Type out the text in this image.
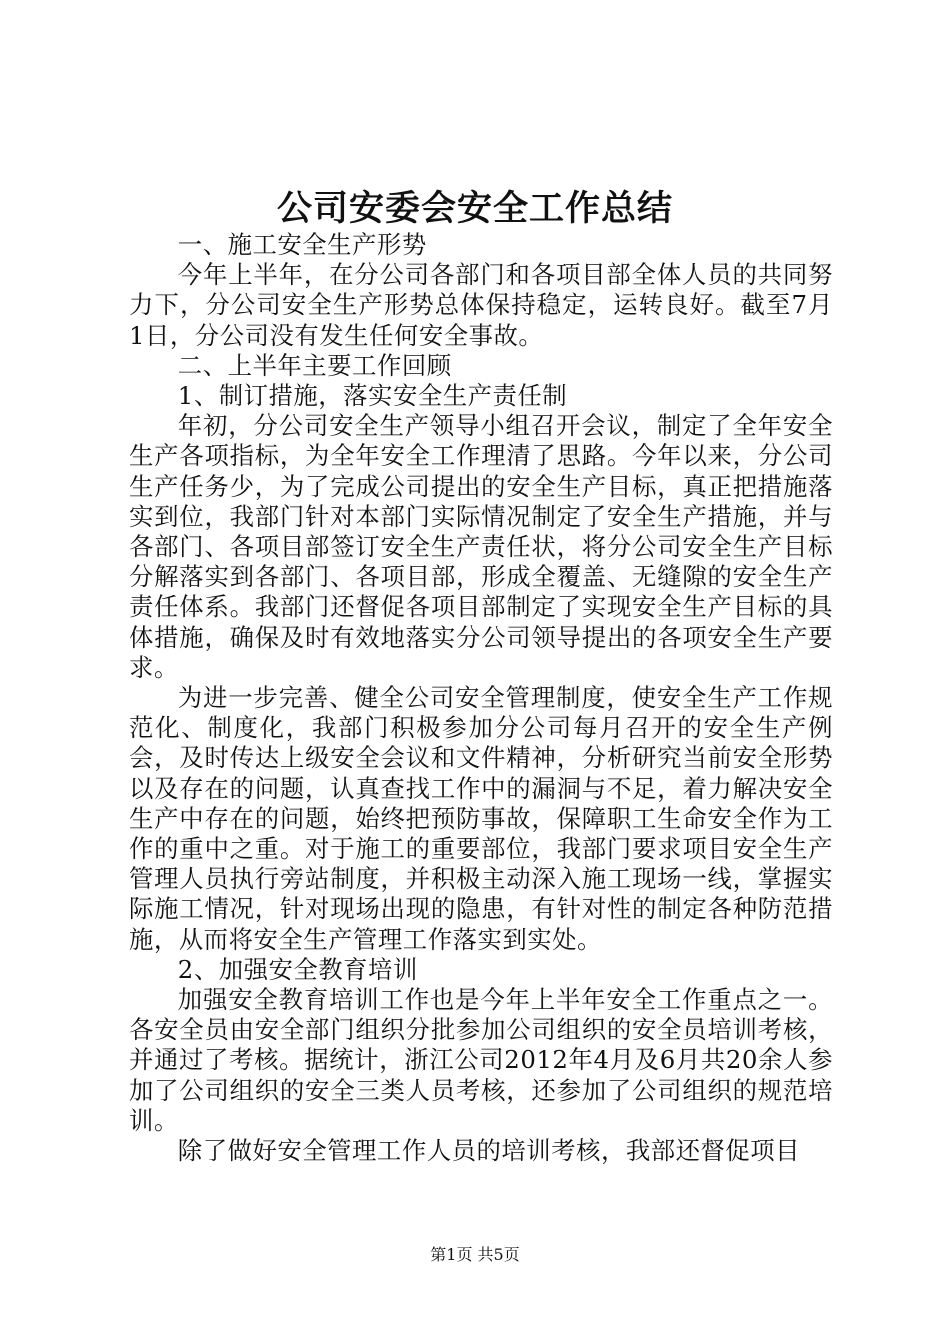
公司安委会安全工作总结

一、施工安全生产形势

今年上半年，在分公司各部门和各项目部全体人员的共同努力下，分公司安全生产形势总体保持稳定，运转良好。截至7月1日，分公司没有发生任何安全事故。

二、上半年主要工作回顾

1、制订措施，落实安全生产责任制

年初，分公司安全生产领导小组召开会议，制定了全年安全生产各项指标，为全年安全工作理清了思路。今年以来，分公司生产任务少，为了完成公司提出的安全生产目标，真正把措施落实到位，我部门针对本部门实际情况制定了安全生产措施，并与各部门、各项目部签订安全生产责任状，将分公司安全生产目标分解落实到各部门、各项目部，形成全覆盖、无缝隙的安全生产责任体系。我部门还督促各项目部制定了实现安全生产目标的具体措施，确保及时有效地落实分公司领导提出的各项安全生产要求。

为进一步完善、健全公司安全管理制度，使安全生产工作规范化、制度化，我部门积极参加分公司每月召开的安全生产例会，及时传达上级安全会议和文件精神，分析研究当前安全形势以及存在的问题，认真查找工作中的漏洞与不足，着力解决安全生产中存在的问题，始终把预防事故，保障职工生命安全作为工作的重中之重。对于施工的重要部位，我部门要求项目安全生产管理人员执行旁站制度，并积极主动深入施工现场一线，掌握实际施工情况，针对现场出现的隐患，有针对性的制定各种防范措施，从而将安全生产管理工作落实到实处。

2、加强安全教育培训

加强安全教育培训工作也是今年上半年安全工作重点之一。各安全员由安全部门组织分批参加公司组织的安全员培训考核，并通过了考核。据统计，浙江公司2012年4月及6月共20余人参加了公司组织的安全三类人员考核，还参加了公司组织的规范培训。

除了做好安全管理工作人员的培训考核，我部还督促项目

第1页 共5页
